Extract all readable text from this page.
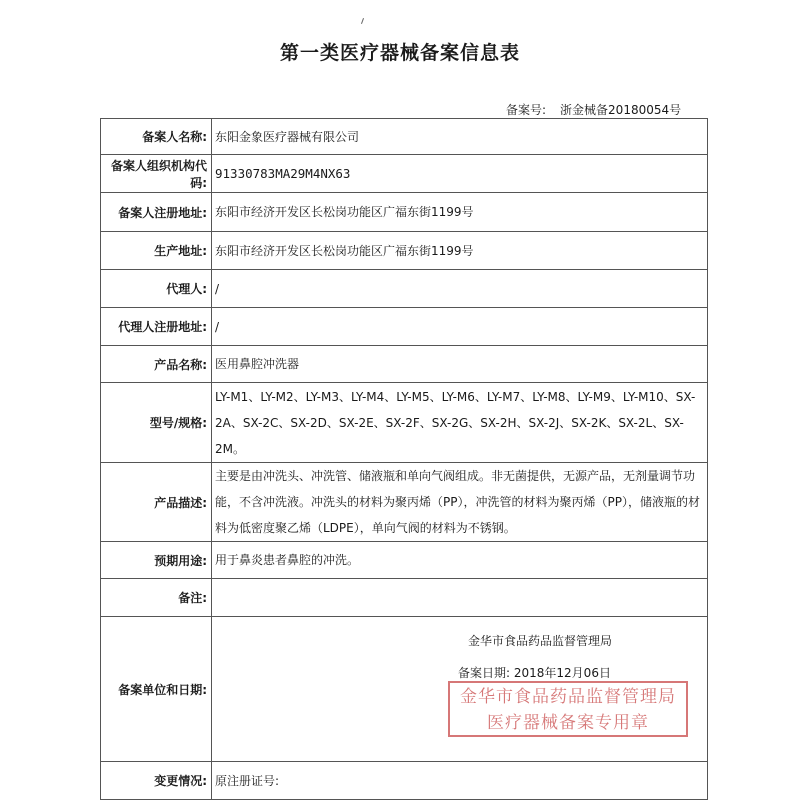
第一类医疗器械备案信息表
备案号: 浙金械备20180054号
备案人名称:	东阳金象医疗器械有限公司
备案人组织机构代码:	91330783MA29M4NX63
备案人注册地址:	东阳市经济开发区长松岗功能区广福东街1199号
生产地址:	东阳市经济开发区长松岗功能区广福东街1199号
代理人:	/
代理人注册地址:	/
产品名称:	医用鼻腔冲洗器
型号/规格:	LY-M1、LY-M2、LY-M3、LY-M4、LY-M5、LY-M6、LY-M7、LY-M8、LY-M9、LY-M10、SX-2A、SX-2C、SX-2D、SX-2E、SX-2F、SX-2G、SX-2H、SX-2J、SX-2K、SX-2L、SX-2M。
产品描述:	主要是由冲洗头、冲洗管、储液瓶和单向气阀组成。非无菌提供，无源产品，无剂量调节功能，不含冲洗液。冲洗头的材料为聚丙烯（PP），冲洗管的材料为聚丙烯（PP），储液瓶的材料为低密度聚乙烯（LDPE），单向气阀的材料为不锈钢。
预期用途:	用于鼻炎患者鼻腔的冲洗。
备注:	
备案单位和日期:	金华市食品药品监督管理局
备案日期: 2018年12月06日
金华市食品药品监督管理局
医疗器械备案专用章

变更情况:	原注册证号:
